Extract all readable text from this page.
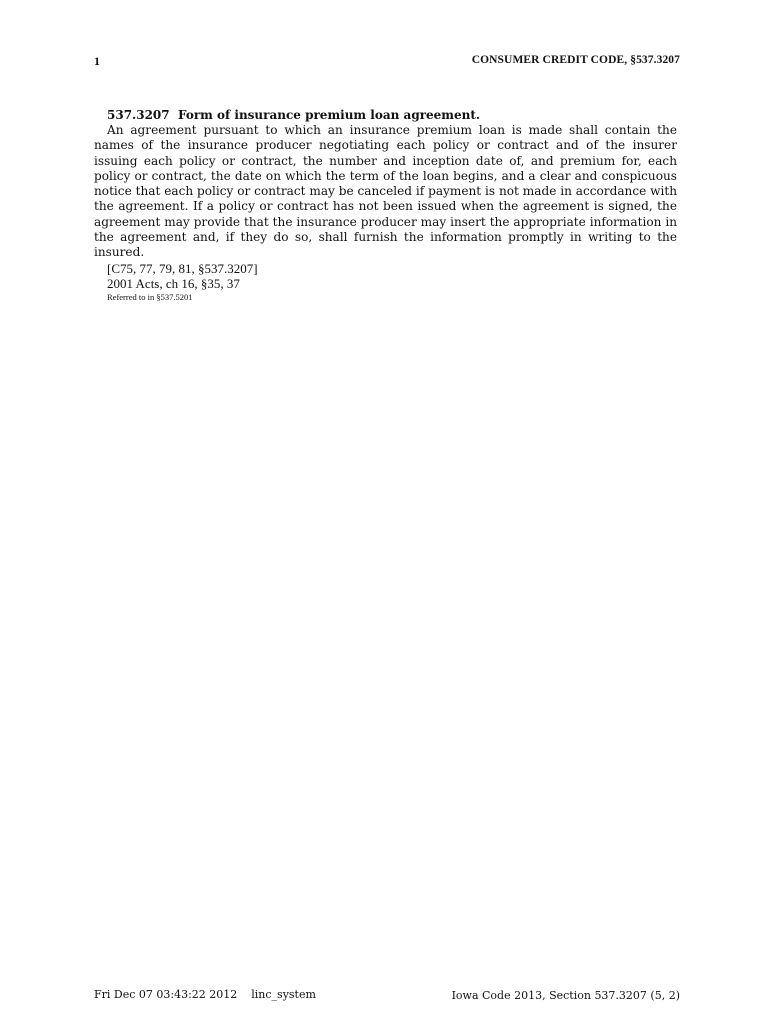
1	CONSUMER CREDIT CODE, §537.3207

537.3207  Form of insurance premium loan agreement.

An agreement pursuant to which an insurance premium loan is made shall contain the names of the insurance producer negotiating each policy or contract and of the insurer issuing each policy or contract, the number and inception date of, and premium for, each policy or contract, the date on which the term of the loan begins, and a clear and conspicuous notice that each policy or contract may be canceled if payment is not made in accordance with the agreement. If a policy or contract has not been issued when the agreement is signed, the agreement may provide that the insurance producer may insert the appropriate information in the agreement and, if they do so, shall furnish the information promptly in writing to the insured.

[C75, 77, 79, 81, §537.3207]

2001 Acts, ch 16, §35, 37

Referred to in §537.5201

Fri Dec 07 03:43:22 2012    linc_system	Iowa Code 2013, Section 537.3207 (5, 2)
